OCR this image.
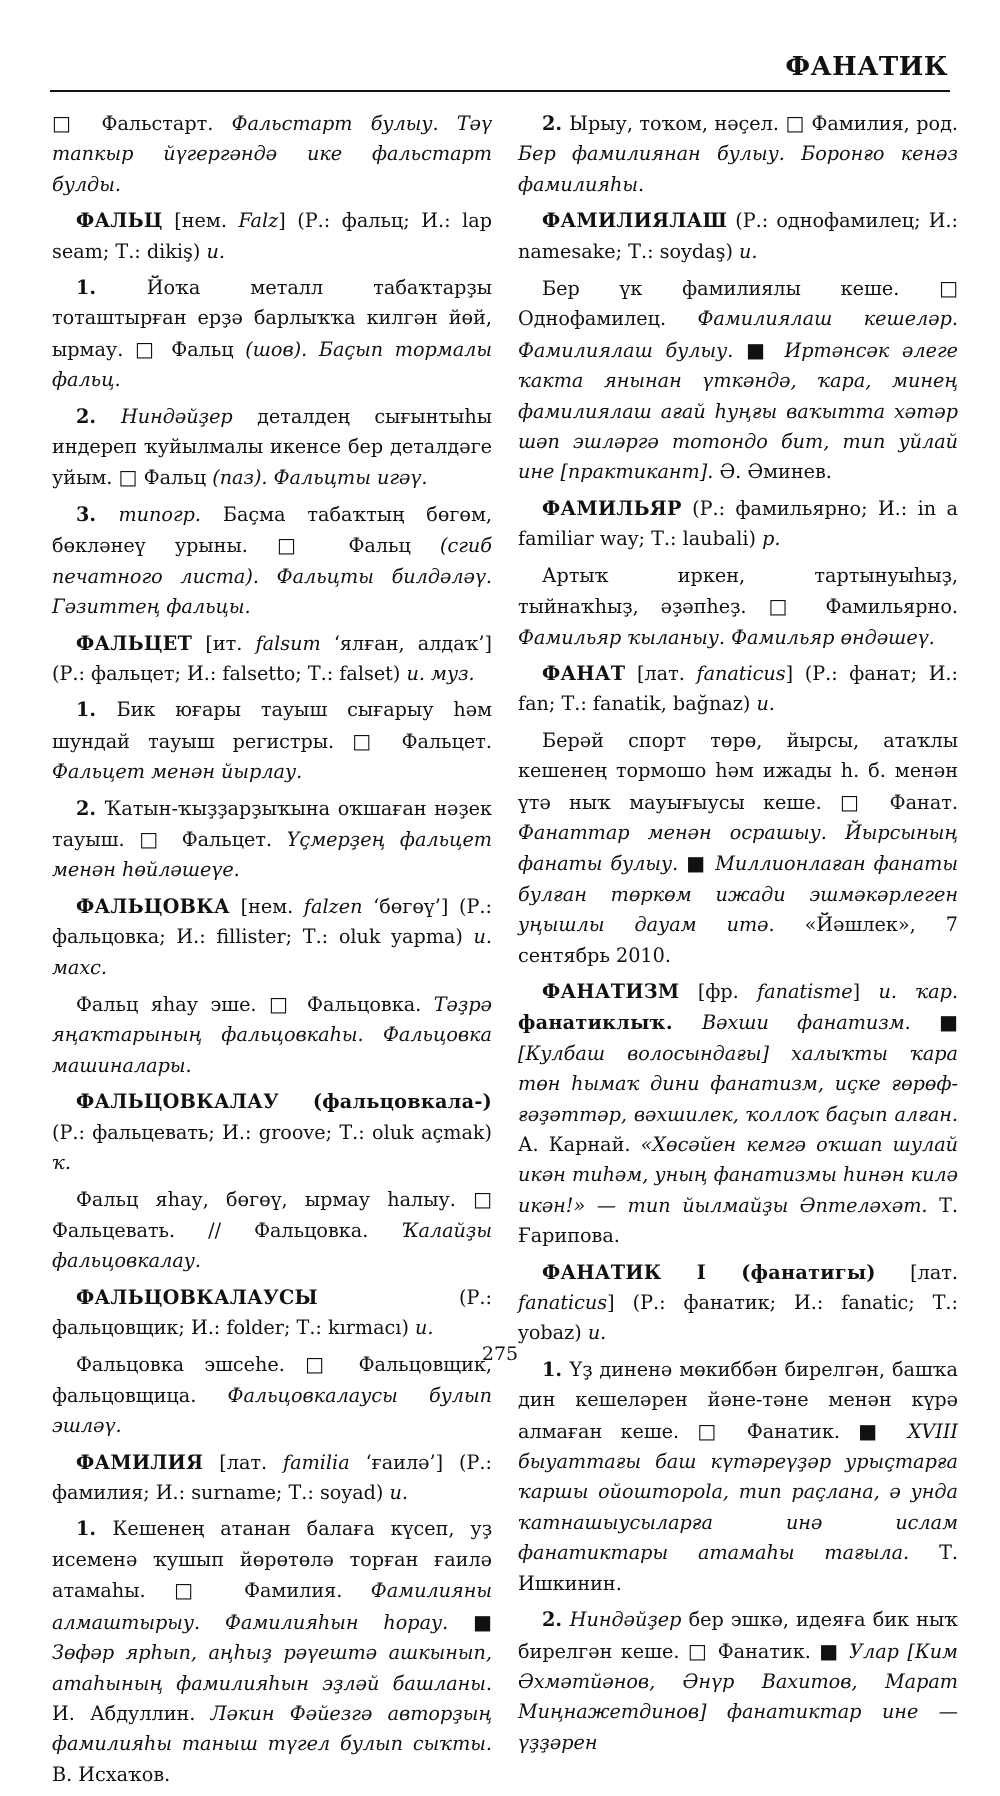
ФАНАТИК

□ Фальстарт. Фальстарт булыу. Тәү тапкыр йүгергәндә ике фальстарт булды.

ФАЛЬЦ [нем. Falz] (Р.: фальц; И.: lap seam; Т.: dikiş) и.

1. Йоҡа металл табаҡтарҙы тоташтырған ерҙә барлыҡҡа килгән йөй, ырмау. □ Фальц (шов). Баҫып тормалы фальц.

2. Ниндәйҙер деталдең сығынтыһы индереп ҡуйылмалы икенсе бер деталдәге уйым. □ Фальц (паз). Фальцты игәү.

3. типогр. Баҫма табаҡтың бөгөм, бөкләнеү урыны. □ Фальц (сгиб печатного листа). Фальцты билдәләү. Гәзиттең фальцы.

ФАЛЬЦЕТ [ит. falsum ‘ялған, алдаҡ’] (Р.: фальцет; И.: falsetto; Т.: falset) и. муз.

1. Бик юғары тауыш сығарыу һәм шундай тауыш регистры. □ Фальцет. Фальцет менән йырлау.

2. Ҡатын-ҡыҙҙарҙыҡына оҡшаған нәҙек тауыш. □ Фальцет. Үҫмерҙең фальцет менән һөйләшеүе.

ФАЛЬЦОВКА [нем. falzen ‘бөгөү’] (Р.: фальцовка; И.: fillister; Т.: oluk yapma) и. махс.

Фальц яһау эше. □ Фальцовка. Тәҙрә яңаҡтарының фальцовкаһы. Фальцовка машиналары.

ФАЛЬЦОВКАЛАУ (фальцовкала-) (Р.: фальцевать; И.: groove; Т.: oluk açmak) ҡ.

Фальц яһау, бөгөү, ырмау һалыу. □ Фальцевать. // Фальцовка. Ҡалайҙы фальцовкалау.

ФАЛЬЦОВКАЛАУСЫ (Р.: фальцовщик; И.: folder; Т.: kırmacı) и.

Фальцовка эшсеһе. □ Фальцовщик, фальцовщица. Фальцовкалаусы булып эшләү.

ФАМИЛИЯ [лат. familia ‘ғаилә’] (Р.: фамилия; И.: surname; Т.: soyad) и.

1. Кешенең атанан балаға күсеп, уҙ исеменә ҡушып йөрөтөлә торған ғаилә атамаһы. □ Фамилия. Фамилияны алмаштырыу. Фамилияһын һорау. ■ Зөфәр ярһып, аңһыҙ рәүештә ашкынып, атаһының фамилияһын эҙләй башланы. И. Абдуллин. Ләкин Фәйезгә авторҙың фамилияһы таныш түгел булып сыҡты. В. Исхаҡов.

2. Ырыу, тоҡом, нәҫел. □ Фамилия, род. Бер фамилиянан булыу. Боронғо кенәз фамилияһы.

ФАМИЛИЯЛАШ (Р.: однофамилец; И.: namesake; Т.: soydaş) и.

Бер үк фамилиялы кеше. □ Однофамилец. Фамилиялаш кешеләр. Фамилиялаш булыу. ■ Иртәнсәк әлеге ҡакта янынан үткәндә, ҡара, минең фамилиялаш ағай һуңғы ваҡытта хәтәр шәп эшләргә тотондо бит, тип уйлай ине [практикант]. Ә. Әминев.

ФАМИЛЬЯР (Р.: фамильярно; И.: in a familiar way; Т.: laubali) р.

Артыҡ иркен, тартынуыһыҙ, тыйнаҡһыҙ, әҙәпһеҙ. □ Фамильярно. Фамильяр ҡыланыу. Фамильяр өндәшеү.

ФАНАТ [лат. fanaticus] (Р.: фанат; И.: fan; Т.: fanatik, bağnaz) и.

Берәй спорт төрө, йырсы, атаҡлы кешенең тормошо һәм ижады һ. б. менән үтә ныҡ мауығыусы кеше. □ Фанат. Фанаттар менән осрашыу. Йырсының фанаты булыу. ■ Миллионлаған фанаты булған төркөм ижади эшмәкәрлеген уңышлы дауам итә. «Йәшлек», 7 сентябрь 2010.

ФАНАТИЗМ [фр. fanatisme] и. ҡар. фанатиклыҡ. Вәхши фанатизм. ■ [Кулбаш волосындағы] халыҡты ҡара төн һымаҡ дини фанатизм, иҫке ғөрөф-ғәҙәттәр, вәхшилек, ҡоллоҡ баҫып алған. А. Карнай. «Хөсәйен кемгә оҡшап шулай икән тиһәм, уның фанатизмы һинән килә икән!» — тип йылмайҙы Әптеләхәт. Т. Ғарипова.

ФАНАТИК I (фанатигы) [лат. fanaticus] (Р.: фанатик; И.: fanatic; Т.: yobaz) и.

1. Үҙ диненә мөкиббән бирелгән, башҡа дин кешеләрен йәне-тәне менән күрә алмаған кеше. □ Фанатик. ■ XVIII быуаттағы баш күтәреүҙәр урыҫтарға ҡаршы ойоштороla, тип раҫлана, ә унда ҡатнашыусыларға инә ислам фанатиктары атамаһы тағыла. Т. Ишкинин.

2. Ниндәйҙер бер эшкә, идеяға бик ныҡ бирелгән кеше. □ Фанатик. ■ Улар [Ким Әхмәтйәнов, Әнүр Вахитов, Марат Миңнажетдинов] фанатиктар ине — үҙҙәрен

275
